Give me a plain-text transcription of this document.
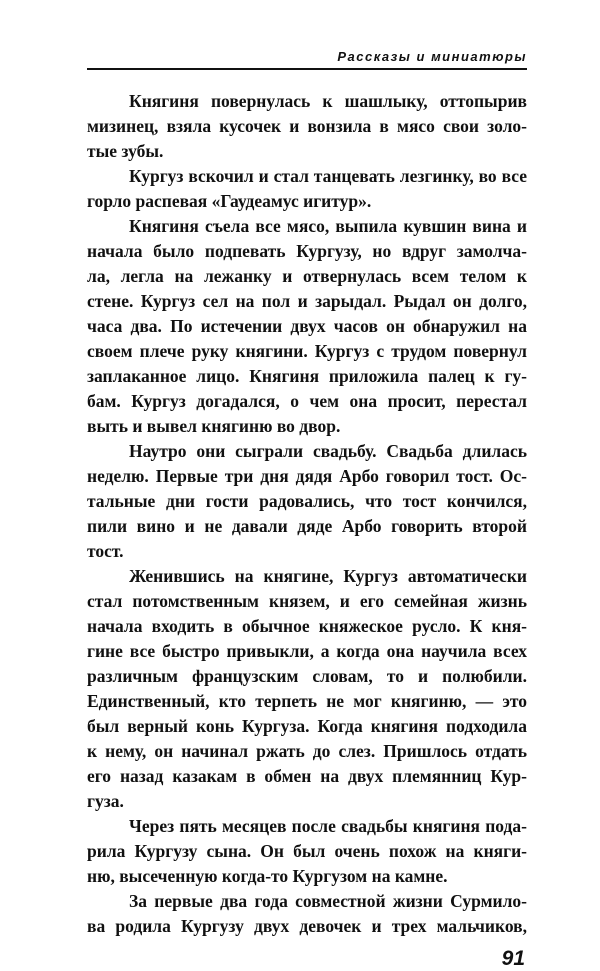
Рассказы и миниатюры
Княгиня повернулась к шашлыку, оттопырив
мизинец, взяла кусочек и вонзила в мясо свои золо-
тые зубы.
Кургуз вскочил и стал танцевать лезгинку, во все
горло распевая «Гаудеамус игитур».
Княгиня съела все мясо, выпила кувшин вина и
начала было подпевать Кургузу, но вдруг замолча-
ла, легла на лежанку и отвернулась всем телом к
стене. Кургуз сел на пол и зарыдал. Рыдал он долго,
часа два. По истечении двух часов он обнаружил на
своем плече руку княгини. Кургуз с трудом повернул
заплаканное лицо. Княгиня приложила палец к гу-
бам. Кургуз догадался, о чем она просит, перестал
выть и вывел княгиню во двор.
Наутро они сыграли свадьбу. Свадьба длилась
неделю. Первые три дня дядя Арбо говорил тост. Ос-
тальные дни гости радовались, что тост кончился,
пили вино и не давали дяде Арбо говорить второй
тост.
Женившись на княгине, Кургуз автоматически
стал потомственным князем, и его семейная жизнь
начала входить в обычное княжеское русло. К кня-
гине все быстро привыкли, а когда она научила всех
различным французским словам, то и полюбили.
Единственный, кто терпеть не мог княгиню, — это
был верный конь Кургуза. Когда княгиня подходила
к нему, он начинал ржать до слез. Пришлось отдать
его назад казакам в обмен на двух племянниц Кур-
гуза.
Через пять месяцев после свадьбы княгиня пода-
рила Кургузу сына. Он был очень похож на княги-
ню, высеченную когда-то Кургузом на камне.
За первые два года совместной жизни Сурмило-
ва родила Кургузу двух девочек и трех мальчиков,
91
